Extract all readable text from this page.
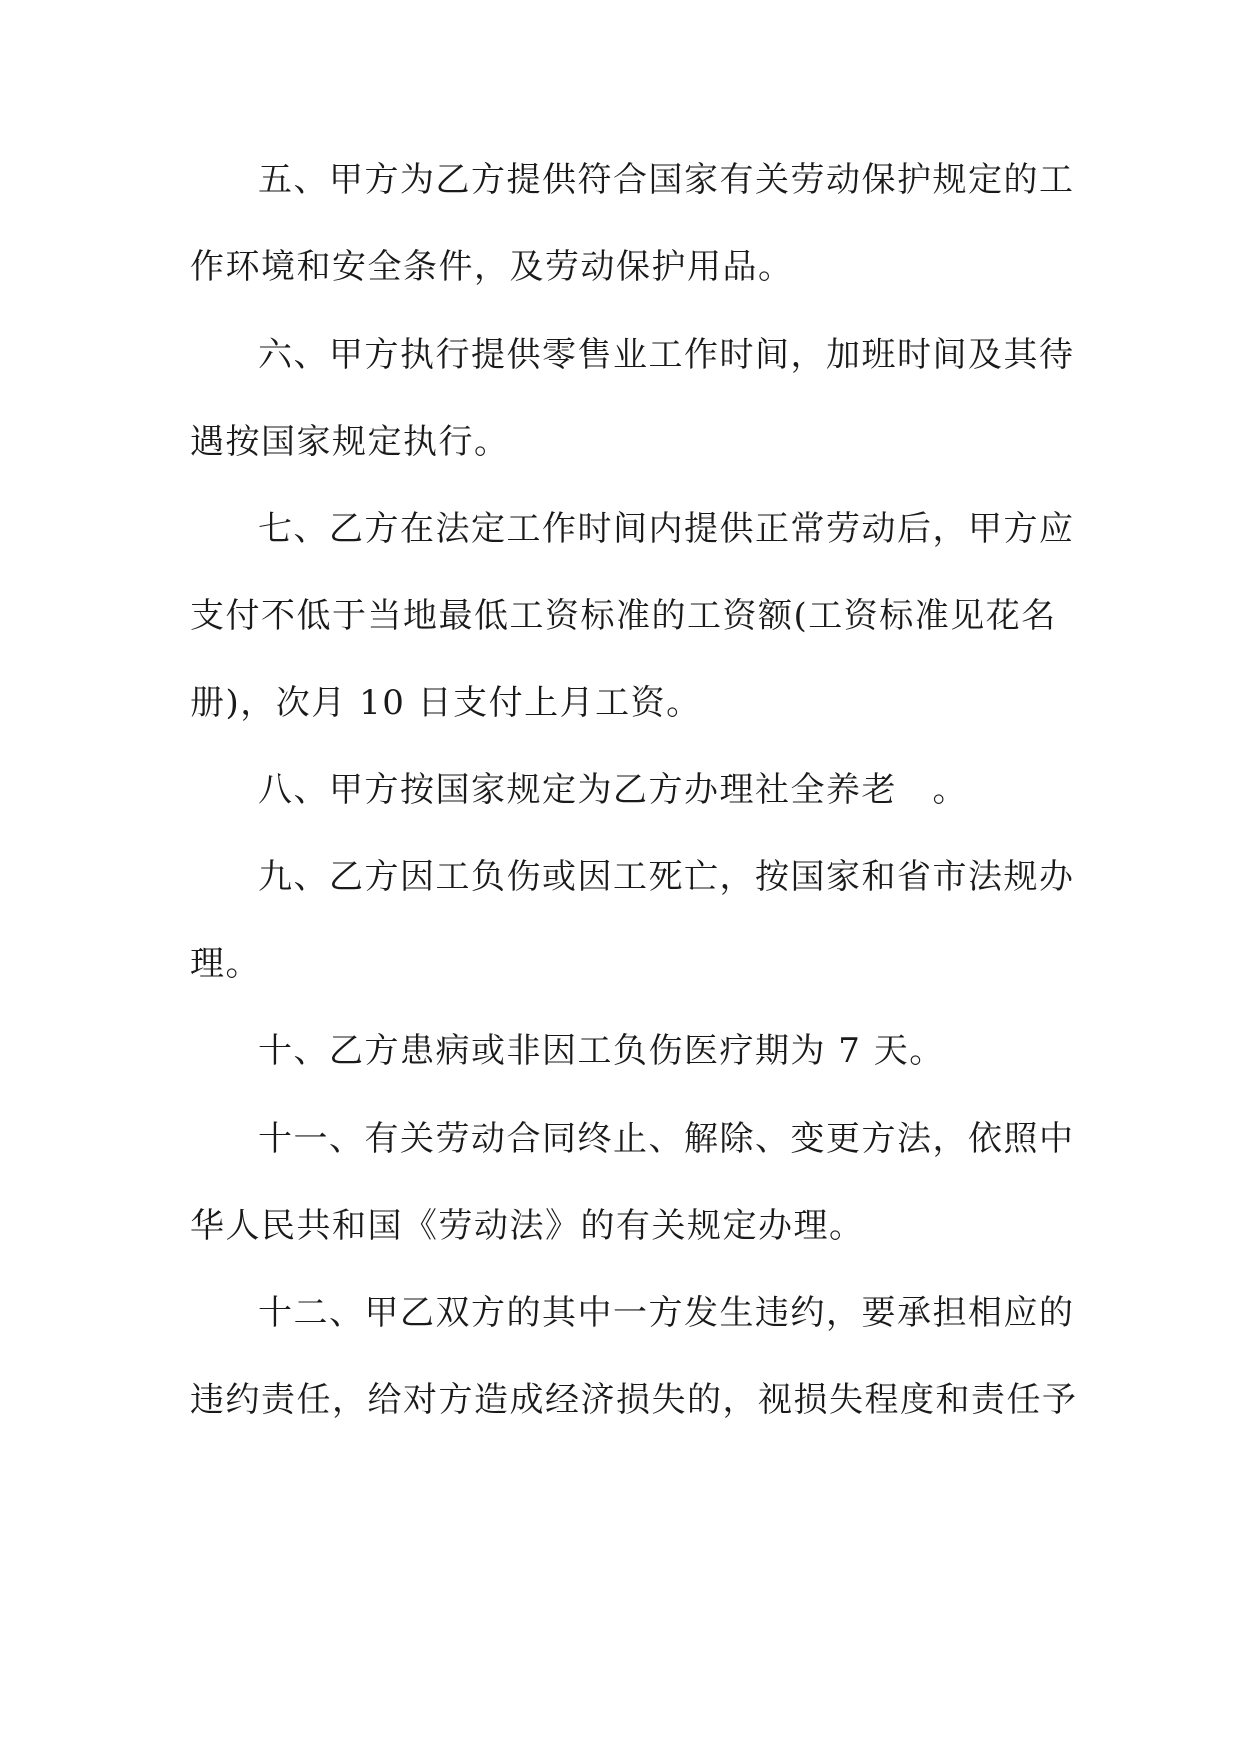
五、甲方为乙方提供符合国家有关劳动保护规定的工
作环境和安全条件，及劳动保护用品。
六、甲方执行提供零售业工作时间，加班时间及其待
遇按国家规定执行。
七、乙方在法定工作时间内提供正常劳动后，甲方应
支付不低于当地最低工资标准的工资额(工资标准见花名
册)，次月 10 日支付上月工资。
八、甲方按国家规定为乙方办理社全养老　。
九、乙方因工负伤或因工死亡，按国家和省市法规办
理。
十、乙方患病或非因工负伤医疗期为 7 天。
十一、有关劳动合同终止、解除、变更方法，依照中
华人民共和国《劳动法》的有关规定办理。
十二、甲乙双方的其中一方发生违约，要承担相应的
违约责任，给对方造成经济损失的，视损失程度和责任予
